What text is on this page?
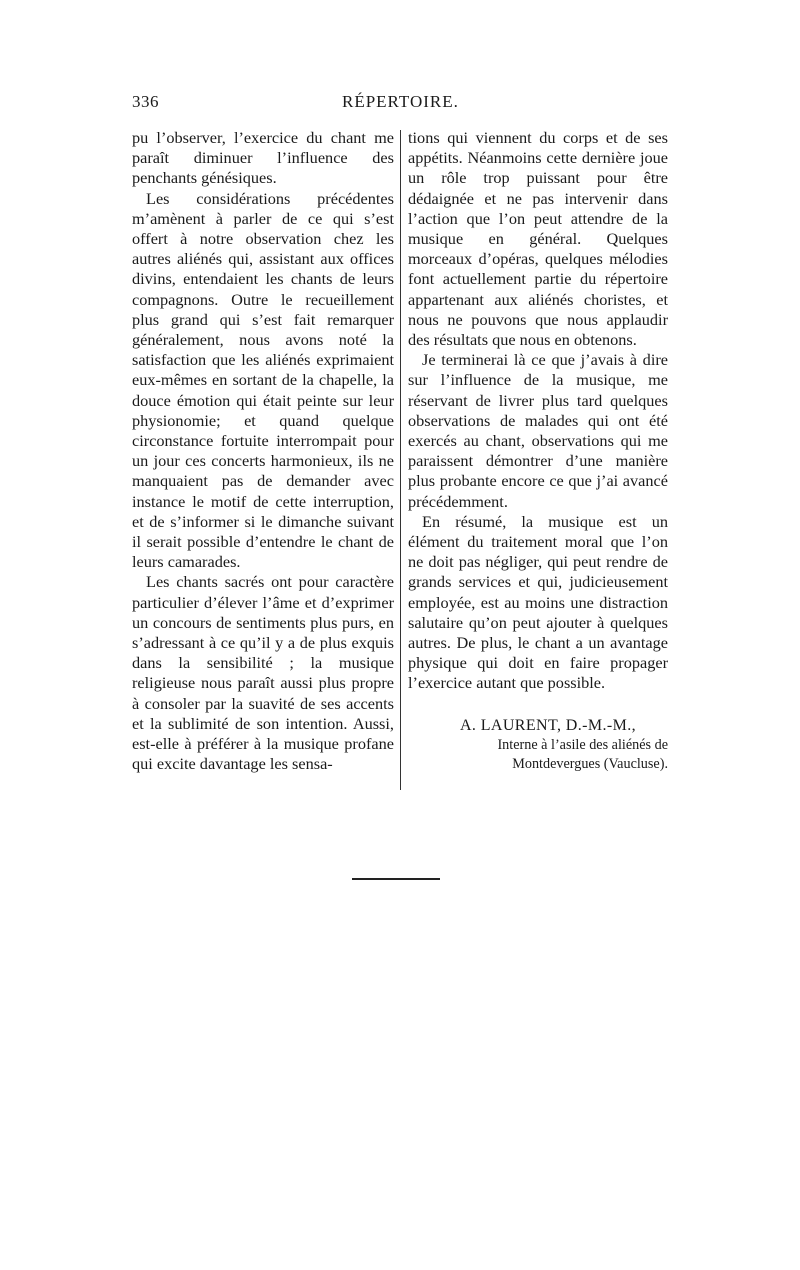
336	RÉPERTOIRE.

pu l’observer, l’exercice du chant me paraît diminuer l’influence des penchants génésiques.

Les considérations précédentes m’amènent à parler de ce qui s’est offert à notre observation chez les autres aliénés qui, assistant aux offices divins, entendaient les chants de leurs compagnons. Outre le recueillement plus grand qui s’est fait remarquer généralement, nous avons noté la satisfaction que les aliénés exprimaient eux-mêmes en sortant de la chapelle, la douce émotion qui était peinte sur leur physionomie; et quand quelque circonstance fortuite interrompait pour un jour ces concerts harmonieux, ils ne manquaient pas de demander avec instance le motif de cette interruption, et de s’informer si le dimanche suivant il serait possible d’entendre le chant de leurs camarades.

Les chants sacrés ont pour caractère particulier d’élever l’âme et d’exprimer un concours de sentiments plus purs, en s’adressant à ce qu’il y a de plus exquis dans la sensibilité ; la musique religieuse nous paraît aussi plus propre à consoler par la suavité de ses accents et la sublimité de son intention. Aussi, est-elle à préférer à la musique profane qui excite davantage les sensa-

tions qui viennent du corps et de ses appétits. Néanmoins cette dernière joue un rôle trop puissant pour être dédaignée et ne pas intervenir dans l’action que l’on peut attendre de la musique en général. Quelques morceaux d’opéras, quelques mélodies font actuellement partie du répertoire appartenant aux aliénés choristes, et nous ne pouvons que nous applaudir des résultats que nous en obtenons.

Je terminerai là ce que j’avais à dire sur l’influence de la musique, me réservant de livrer plus tard quelques observations de malades qui ont été exercés au chant, observations qui me paraissent démontrer d’une manière plus probante encore ce que j’ai avancé précédemment.

En résumé, la musique est un élément du traitement moral que l’on ne doit pas négliger, qui peut rendre de grands services et qui, judicieusement employée, est au moins une distraction salutaire qu’on peut ajouter à quelques autres. De plus, le chant a un avantage physique qui doit en faire propager l’exercice autant que possible.

A. LAURENT, D.-M.-M.,
Interne à l’asile des aliénés de
Montdevergues (Vaucluse).
